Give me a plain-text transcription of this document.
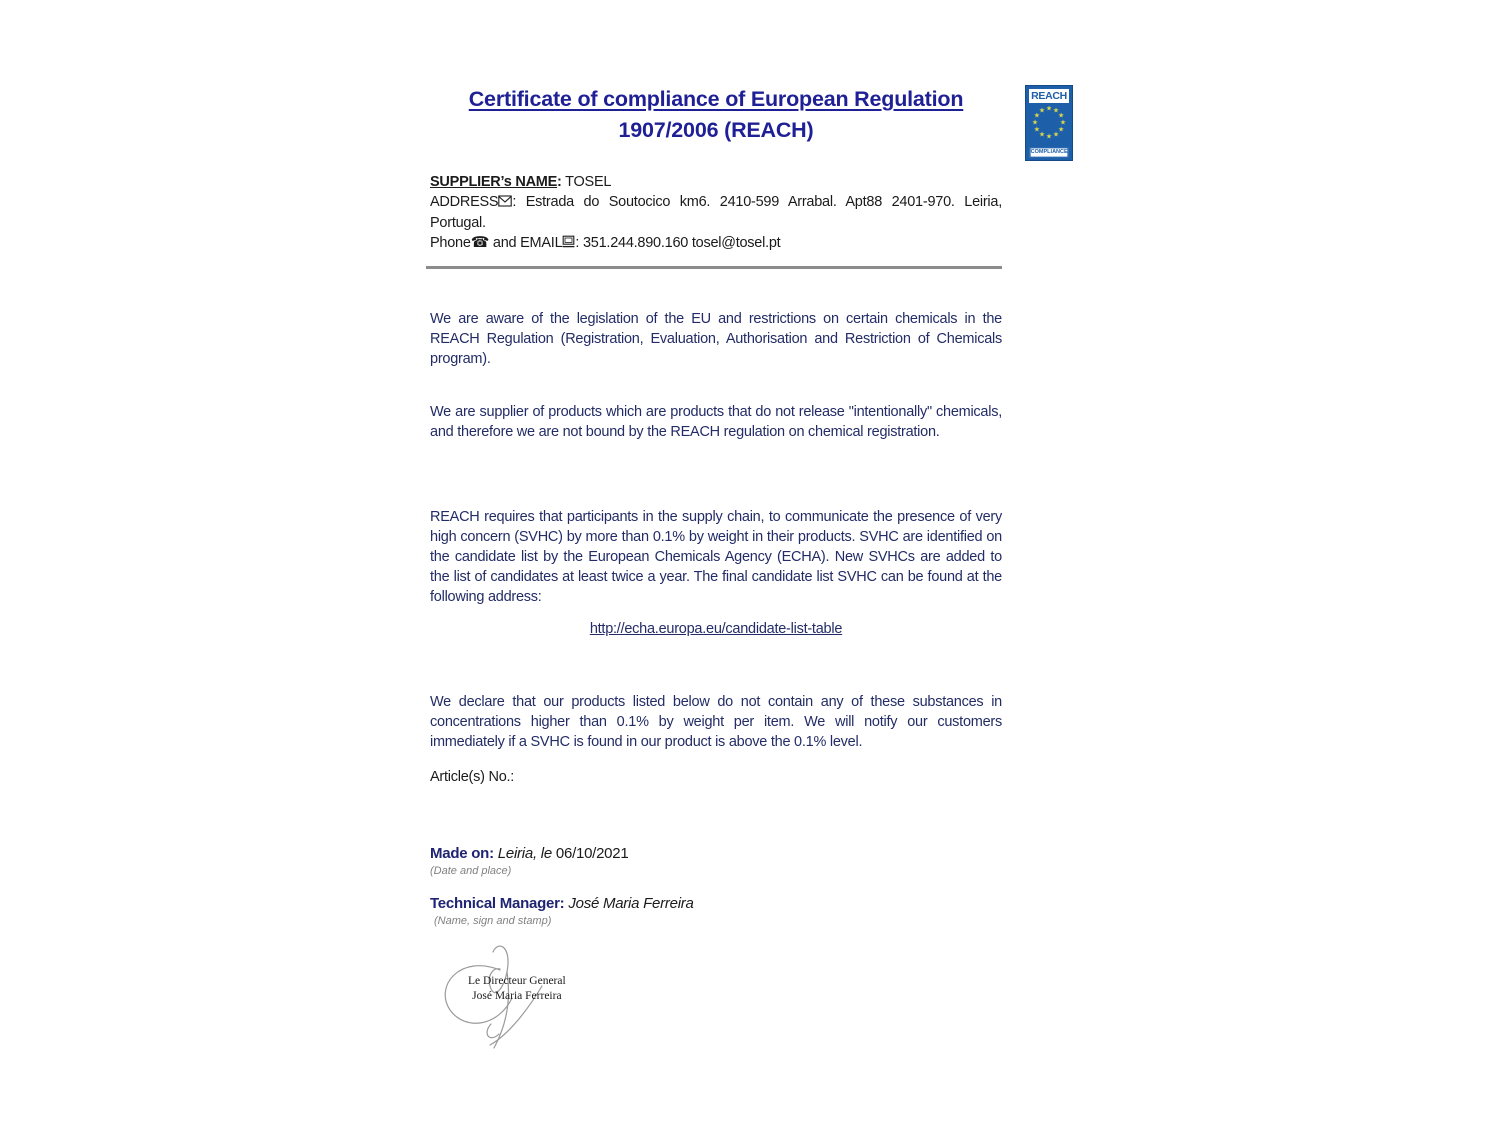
Certificate of compliance of European Regulation
1907/2006 (REACH)
REACH
★ ★
★
★
★
★
★
★
★
★
★
★
COMPLIANCE
SUPPLIER’s NAME: TOSEL
ADDRESS : Estrada do Soutocico km6. 2410-599 Arrabal. Apt88 2401-970. Leiria, Portugal.
Phone☎ and EMAIL : 351.244.890.160 tosel@tosel.pt

We are aware of the legislation of the EU and restrictions on certain chemicals in the REACH Regulation (Registration, Evaluation, Authorisation and Restriction of Chemicals program).

We are supplier of products which are products that do not release "intentionally" chemicals, and therefore we are not bound by the REACH regulation on chemical registration.

REACH requires that participants in the supply chain, to communicate the presence of very high concern (SVHC) by more than 0.1% by weight in their products. SVHC are identified on the candidate list by the European Chemicals Agency (ECHA). New SVHCs are added to the list of candidates at least twice a year. The final candidate list SVHC can be found at the following address:

http://echa.europa.eu/candidate-list-table

We declare that our products listed below do not contain any of these substances in concentrations higher than 0.1% by weight per item. We will notify our customers immediately if a SVHC is found in our product is above the 0.1% level.

Article(s) No.:
Made on: Leiria, le 06/10/2021
(Date and place)
Technical Manager: José Maria Ferreira
(Name, sign and stamp)
Le Directeur General
José Maria Ferreira
